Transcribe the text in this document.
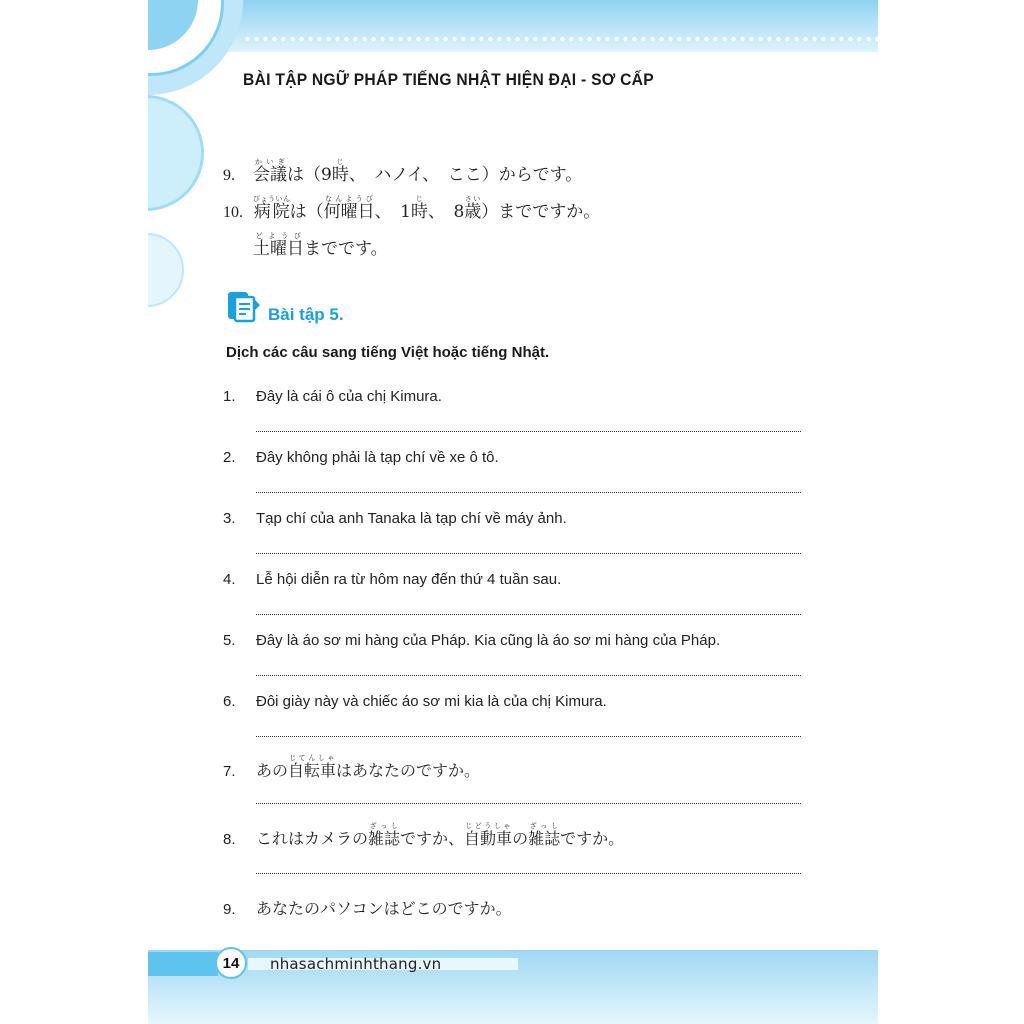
BÀI TẬP NGỮ PHÁP TIẾNG NHẬT HIỆN ĐẠI - SƠ CẤP
9. 会議かいぎは（9時じ、　ハノイ、　ここ）からです。
10. 病院びょういんは（何曜日なんようび、　1時じ、　8歳さい）までですか。
土曜日どようびまでです。
Bài tập 5.

Dịch các câu sang tiếng Việt hoặc tiếng Nhật.

1.	Đây là cái ô của chị Kimura.
2.	Đây không phải là tạp chí về xe ô tô.
3.	Tạp chí của anh Tanaka là tạp chí về máy ảnh.
4.	Lễ hội diễn ra từ hôm nay đến thứ 4 tuần sau.
5.	Đây là áo sơ mi hàng của Pháp. Kia cũng là áo sơ mi hàng của Pháp.
6.	Đôi giày này và chiếc áo sơ mi kia là của chị Kimura.
7.	あの自転車じてんしゃはあなたのですか。
8.	これはカメラの雑誌ざっしですか、自動車じどうしゃの雑誌ざっしですか。
9.	あなたのパソコンはどこのですか。
14	nhasachminhthang.vn
